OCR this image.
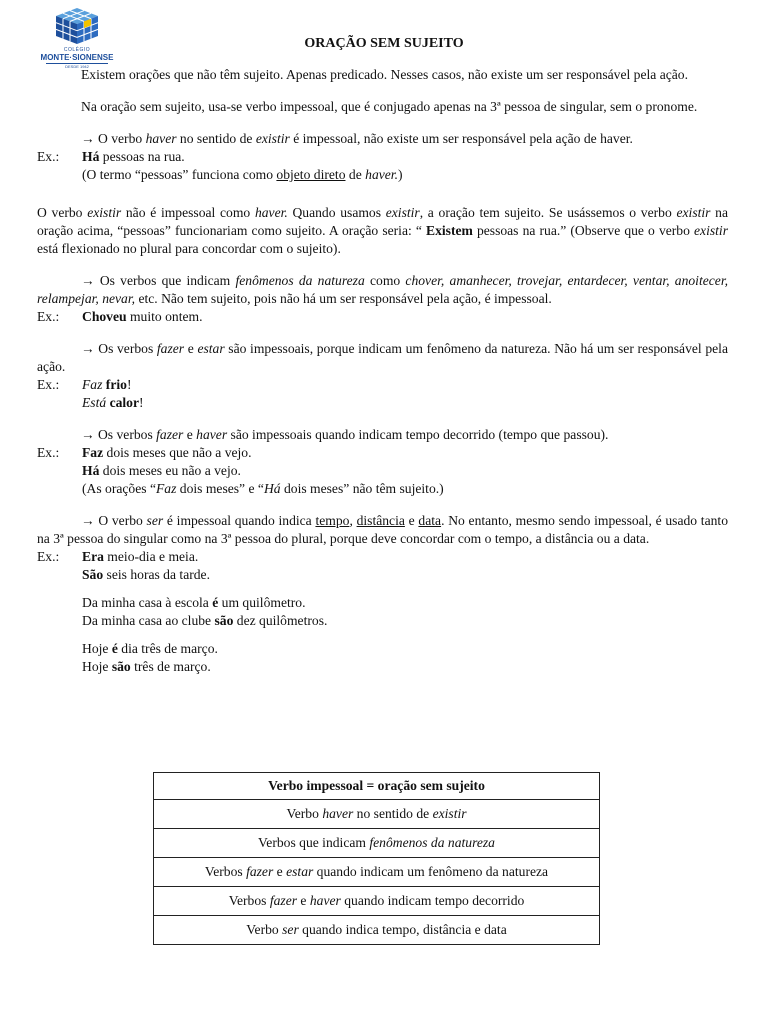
COLÉGIO
MONTE·SIONENSE
DESDE 1942
ORAÇÃO SEM SUJEITO

Existem orações que não têm sujeito. Apenas predicado. Nesses casos, não existe um ser responsável pela ação.

Na oração sem sujeito, usa-se verbo impessoal, que é conjugado apenas na 3ª pessoa de singular, sem o pronome.

→ O verbo haver no sentido de existir é impessoal, não existe um ser responsável pela ação de haver.

Ex.:	Há pessoas na rua.
(O termo “pessoas” funciona como objeto direto de haver.)

O verbo existir não é impessoal como haver. Quando usamos existir, a oração tem sujeito. Se usássemos o verbo existir na oração acima, “pessoas” funcionariam como sujeito. A oração seria: “ Existem pessoas na rua.” (Observe que o verbo existir está flexionado no plural para concordar com o sujeito).

→ Os verbos que indicam fenômenos da natureza como chover, amanhecer, trovejar, entardecer, ventar, anoitecer, relampejar, nevar, etc. Não tem sujeito, pois não há um ser responsável pela ação, é impessoal.

Ex.:	Choveu muito ontem.

→ Os verbos fazer e estar são impessoais, porque indicam um fenômeno da natureza. Não há um ser responsável pela ação.

Ex.:	Faz frio!
Está calor!

→ Os verbos fazer e haver são impessoais quando indicam tempo decorrido (tempo que passou).

Ex.:	Faz dois meses que não a vejo.
Há dois meses eu não a vejo.
(As orações “Faz dois meses” e “Há dois meses” não têm sujeito.)

→ O verbo ser é impessoal quando indica tempo, distância e data. No entanto, mesmo sendo impessoal, é usado tanto na 3ª pessoa do singular como na 3ª pessoa do plural, porque deve concordar com o tempo, a distância ou a data.

Ex.:	Era meio-dia e meia.
São seis horas da tarde.
Da minha casa à escola é um quilômetro.
Da minha casa ao clube são dez quilômetros.
Hoje é dia três de março.
Hoje são três de março.
Verbo impessoal = oração sem sujeito
Verbo haver no sentido de existir
Verbos que indicam fenômenos da natureza
Verbos fazer e estar quando indicam um fenômeno da natureza
Verbos fazer e haver quando indicam tempo decorrido
Verbo ser quando indica tempo, distância e data
